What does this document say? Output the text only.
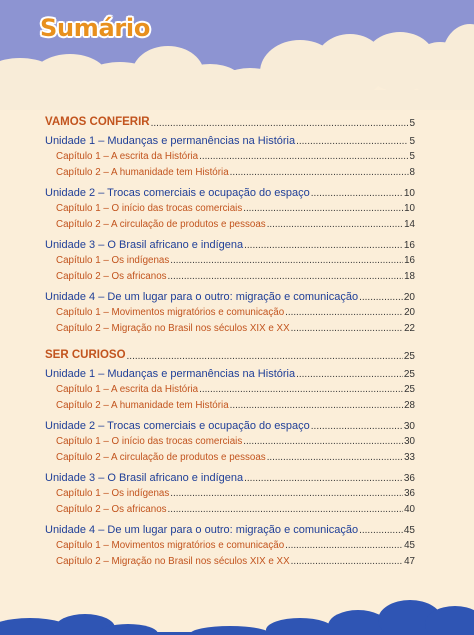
Sumário
VAMOS CONFERIR .....	5
Unidade 1 – Mudanças e permanências na História .....	5
Capítulo 1 – A escrita da História .....	5
Capítulo 2 – A humanidade tem História .....	8
Unidade 2 – Trocas comerciais e ocupação do espaço .....	10
Capítulo 1 – O início das trocas comerciais .....	10
Capítulo 2 – A circulação de produtos e pessoas .....	14
Unidade 3 – O Brasil africano e indígena .....	16
Capítulo 1 – Os indígenas .....	16
Capítulo 2 – Os africanos .....	18
Unidade 4 – De um lugar para o outro: migração e comunicação .....	20
Capítulo 1 – Movimentos migratórios e comunicação .....	20
Capítulo 2 – Migração no Brasil nos séculos XIX e XX .....	22
SER CURIOSO .....	25
Unidade 1 – Mudanças e permanências na História .....	25
Capítulo 1 – A escrita da História .....	25
Capítulo 2 – A humanidade tem História .....	28
Unidade 2 – Trocas comerciais e ocupação do espaço .....	30
Capítulo 1 – O início das trocas comerciais .....	30
Capítulo 2 – A circulação de produtos e pessoas .....	33
Unidade 3 – O Brasil africano e indígena .....	36
Capítulo 1 – Os indígenas .....	36
Capítulo 2 – Os africanos .....	40
Unidade 4 – De um lugar para o outro: migração e comunicação .....	45
Capítulo 1 – Movimentos migratórios e comunicação .....	45
Capítulo 2 – Migração no Brasil nos séculos XIX e XX .....	47
